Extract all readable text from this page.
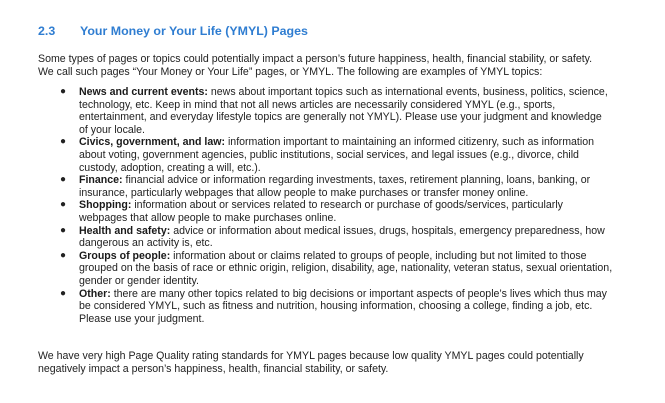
2.3 Your Money or Your Life (YMYL) Pages

Some types of pages or topics could potentially impact a person’s future happiness, health, financial stability, or safety.

We call such pages “Your Money or Your Life” pages, or YMYL. The following are examples of YMYL topics:

● News and current events: news about important topics such as international events, business, politics, science,
technology, etc. Keep in mind that not all news articles are necessarily considered YMYL (e.g., sports,
entertainment, and everyday lifestyle topics are generally not YMYL). Please use your judgment and knowledge
of your locale.
● Civics, government, and law: information important to maintaining an informed citizenry, such as information
about voting, government agencies, public institutions, social services, and legal issues (e.g., divorce, child
custody, adoption, creating a will, etc.).
● Finance: financial advice or information regarding investments, taxes, retirement planning, loans, banking, or
insurance, particularly webpages that allow people to make purchases or transfer money online.
● Shopping: information about or services related to research or purchase of goods/services, particularly
webpages that allow people to make purchases online.
● Health and safety: advice or information about medical issues, drugs, hospitals, emergency preparedness, how
dangerous an activity is, etc.
● Groups of people: information about or claims related to groups of people, including but not limited to those
grouped on the basis of race or ethnic origin, religion, disability, age, nationality, veteran status, sexual orientation,
gender or gender identity.
● Other: there are many other topics related to big decisions or important aspects of people’s lives which thus may
be considered YMYL, such as fitness and nutrition, housing information, choosing a college, finding a job, etc.
Please use your judgment.

We have very high Page Quality rating standards for YMYL pages because low quality YMYL pages could potentially

negatively impact a person’s happiness, health, financial stability, or safety.
